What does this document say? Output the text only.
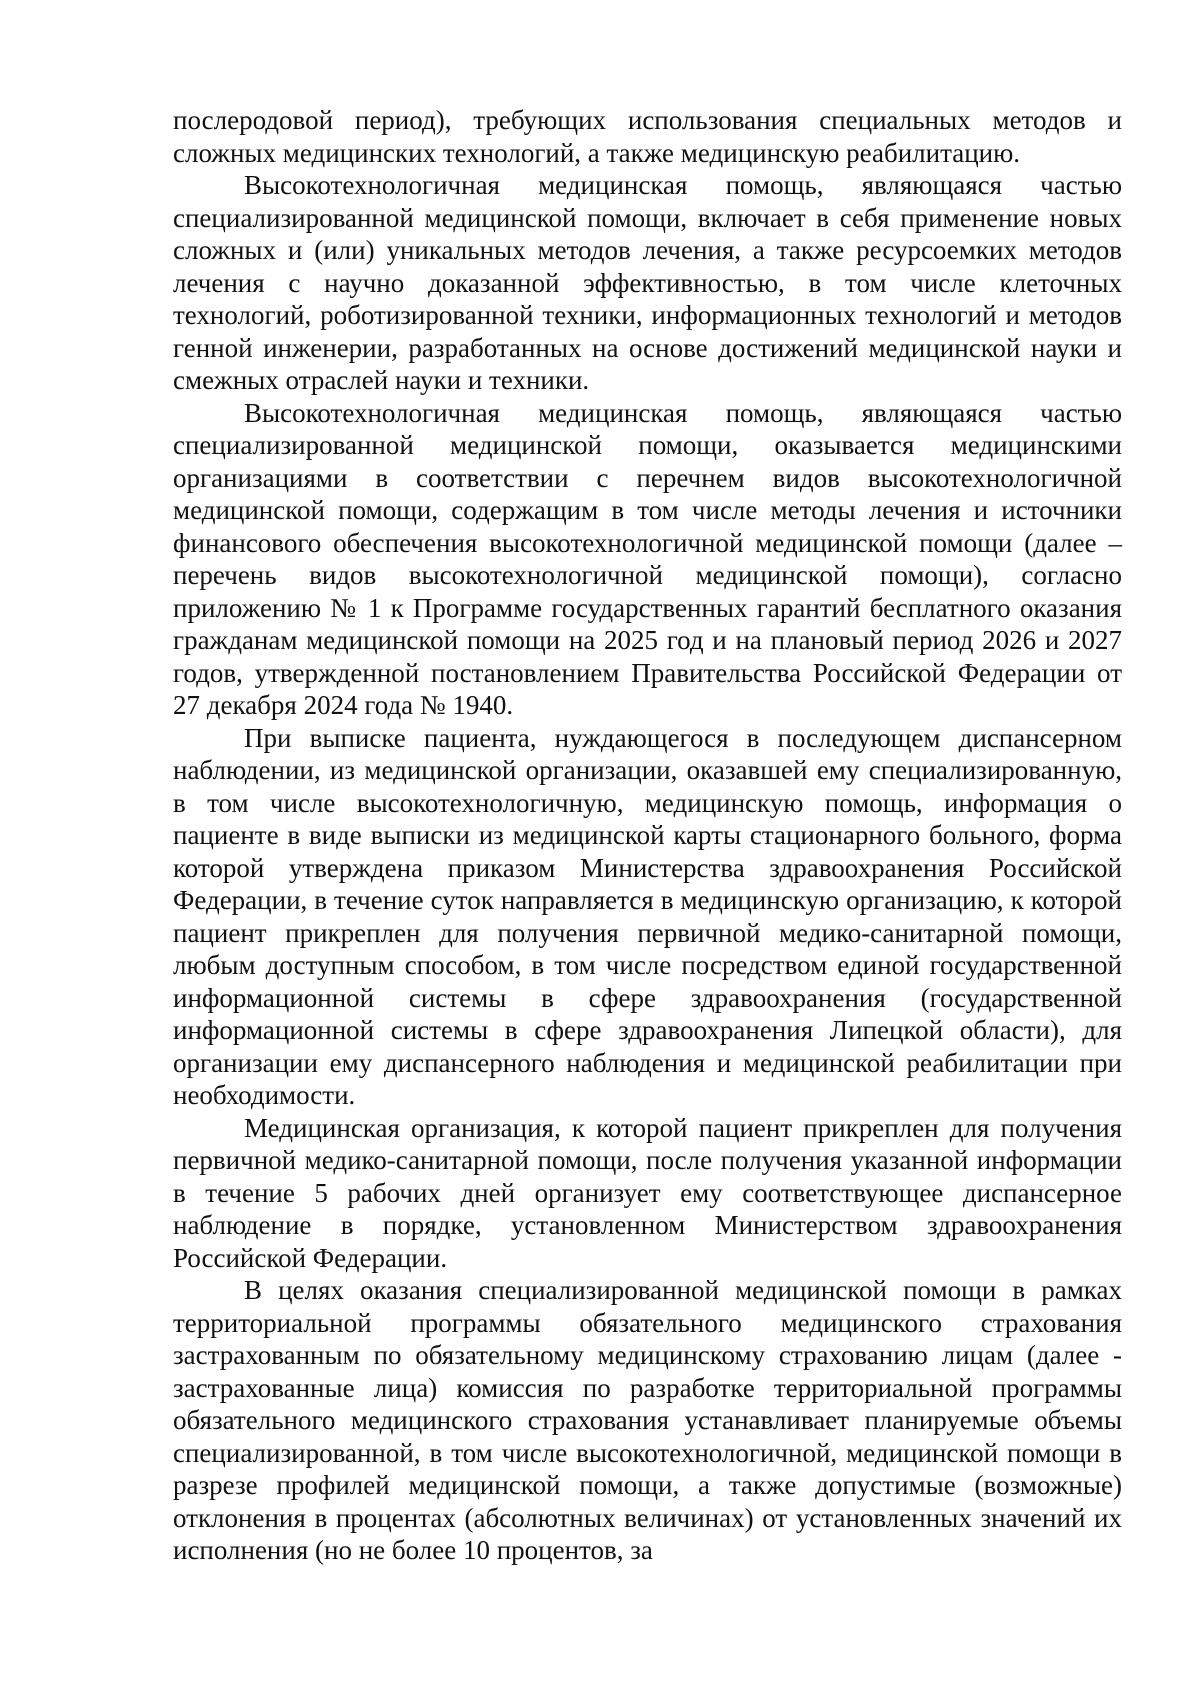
послеродовой период), требующих использования специальных методов и сложных медицинских технологий, а также медицинскую реабилитацию.

Высокотехнологичная медицинская помощь, являющаяся частью специализированной медицинской помощи, включает в себя применение новых сложных и (или) уникальных методов лечения, а также ресурсоемких методов лечения с научно доказанной эффективностью, в том числе клеточных технологий, роботизированной техники, информационных технологий и методов генной инженерии, разработанных на основе достижений медицинской науки и смежных отраслей науки и техники.

Высокотехнологичная медицинская помощь, являющаяся частью специализированной медицинской помощи, оказывается медицинскими организациями в соответствии с перечнем видов высокотехнологичной медицинской помощи, содержащим в том числе методы лечения и источники финансового обеспечения высокотехнологичной медицинской помощи (далее – перечень видов высокотехнологичной медицинской помощи), согласно приложению № 1 к Программе государственных гарантий бесплатного оказания гражданам медицинской помощи на 2025 год и на плановый период 2026 и 2027 годов, утвержденной постановлением Правительства Российской Федерации от 27 декабря 2024 года № 1940.

При выписке пациента, нуждающегося в последующем диспансерном наблюдении, из медицинской организации, оказавшей ему специализированную, в том числе высокотехнологичную, медицинскую помощь, информация о пациенте в виде выписки из медицинской карты стационарного больного, форма которой утверждена приказом Министерства здравоохранения Российской Федерации, в течение суток направляется в медицинскую организацию, к которой пациент прикреплен для получения первичной медико-санитарной помощи, любым доступным способом, в том числе посредством единой государственной информационной системы в сфере здравоохранения (государственной информационной системы в сфере здравоохранения Липецкой области), для организации ему диспансерного наблюдения и медицинской реабилитации при необходимости.

Медицинская организация, к которой пациент прикреплен для получения первичной медико-санитарной помощи, после получения указанной информации в течение 5 рабочих дней организует ему соответствующее диспансерное наблюдение в порядке, установленном Министерством здравоохранения Российской Федерации.

В целях оказания специализированной медицинской помощи в рамках территориальной программы обязательного медицинского страхования застрахованным по обязательному медицинскому страхованию лицам (далее - застрахованные лица) комиссия по разработке территориальной программы обязательного медицинского страхования устанавливает планируемые объемы специализированной, в том числе высокотехнологичной, медицинской помощи в разрезе профилей медицинской помощи, а также допустимые (возможные) отклонения в процентах (абсолютных величинах) от установленных значений их исполнения (но не более 10 процентов, за
